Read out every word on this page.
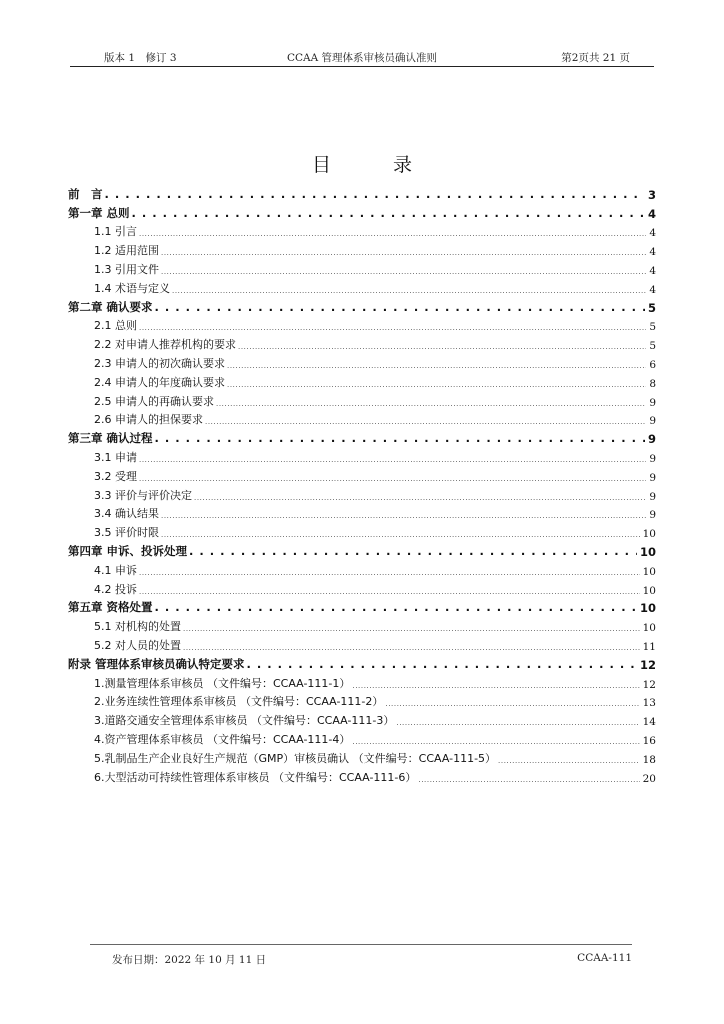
版本 1　修订 3	CCAA 管理体系审核员确认准则	第2页共 21 页
目 录
前　言 . . .	3
第一章 总则 . . .	4
1.1 引言 .....	4
1.2 适用范围 .....	4
1.3 引用文件 .....	4
1.4 术语与定义 .....	4
第二章 确认要求 . . .	5
2.1 总则 .....	5
2.2 对申请人推荐机构的要求 .....	5
2.3 申请人的初次确认要求 .....	6
2.4 申请人的年度确认要求 .....	8
2.5 申请人的再确认要求 .....	9
2.6 申请人的担保要求 .....	9
第三章 确认过程 . . .	9
3.1 申请 .....	9
3.2 受理 .....	9
3.3 评价与评价决定 .....	9
3.4 确认结果 .....	9
3.5 评价时限 .....	10
第四章 申诉、投诉处理 . . .	10
4.1 申诉 .....	10
4.2 投诉 .....	10
第五章 资格处置 . . .	10
5.1 对机构的处置 .....	10
5.2 对人员的处置 .....	11
附录 管理体系审核员确认特定要求 . . .	12
1.测量管理体系审核员 （文件编号：CCAA-111-1） .....	12
2.业务连续性管理体系审核员 （文件编号：CCAA-111-2） .....	13
3.道路交通安全管理体系审核员 （文件编号：CCAA-111-3） .....	14
4.资产管理体系审核员 （文件编号：CCAA-111-4） .....	16
5.乳制品生产企业良好生产规范（GMP）审核员确认 （文件编号：CCAA-111-5） .....	18
6.大型活动可持续性管理体系审核员 （文件编号：CCAA-111-6） .....	20
发布日期：2022 年 10 月 11 日	CCAA-111
